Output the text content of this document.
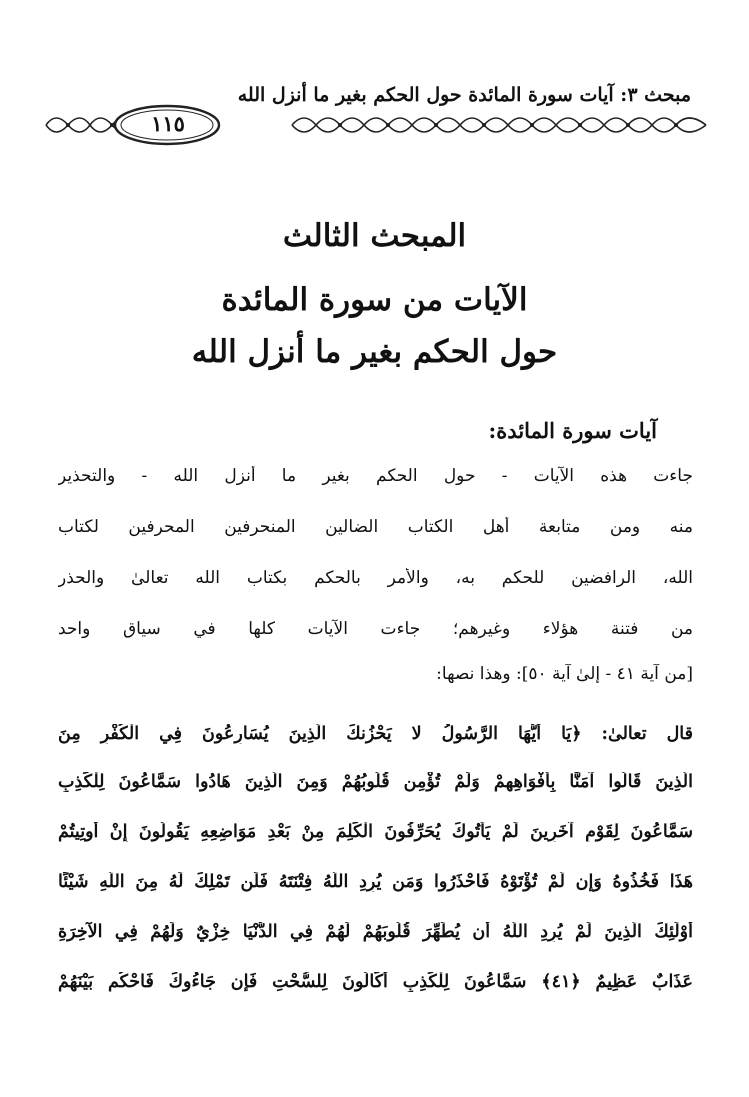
مبحث ٣: آيات سورة المائدة حول الحكم بغير ما أنزل الله
١١٥
المبحث الثالث
الآيات من سورة المائدة
حول الحكم بغير ما أنزل الله
آيات سورة المائدة:
جاءت هذه الآيات - حول الحكم بغير ما أنزل الله - والتحذير
منه ومن متابعة أهل الكتاب الضالين المنحرفين المحرفين لكتاب
الله، الرافضين للحكم به، والأمر بالحكم بكتاب الله تعالىٰ والحذر
من فتنة هؤلاء وغيرهم؛ جاءت الآيات كلها في سياق واحد
[من آية ٤١ - إلىٰ آية ٥٠]: وهذا نصها:
قال تعالىٰ: ﴿يَا أَيُّهَا الرَّسُولُ لا يَحْزُنكَ الَّذِينَ يُسَارِعُونَ فِي الْكُفْرِ مِنَ
الَّذِينَ قَالُوا آمَنَّا بِأَفْوَاهِهِمْ وَلَمْ تُؤْمِن قُلُوبُهُمْ وَمِنَ الَّذِينَ هَادُوا سَمَّاعُونَ لِلْكَذِبِ
سَمَّاعُونَ لِقَوْمٍ آخَرِينَ لَمْ يَأْتُوكَ يُحَرِّفُونَ الْكَلِمَ مِنْ بَعْدِ مَوَاضِعِهِ يَقُولُونَ إِنْ أُوتِيتُمْ
هَذَا فَخُذُوهُ وَإِن لَّمْ تُؤْتَوْهُ فَاحْذَرُوا وَمَن يُرِدِ اللَّهُ فِتْنَتَهُ فَلَن تَمْلِكَ لَهُ مِنَ اللَّهِ شَيْئًا
أُوْلَئِكَ الَّذِينَ لَمْ يُرِدِ اللَّهُ أَن يُطَهِّرَ قُلُوبَهُمْ لَهُمْ فِي الدُّنْيَا خِزْيٌ وَلَهُمْ فِي الآخِرَةِ
عَذَابٌ عَظِيمٌ ﴿٤١﴾ سَمَّاعُونَ لِلْكَذِبِ أَكَّالُونَ لِلسُّحْتِ فَإِن جَاءُوكَ فَاحْكُم بَيْنَهُمْ
